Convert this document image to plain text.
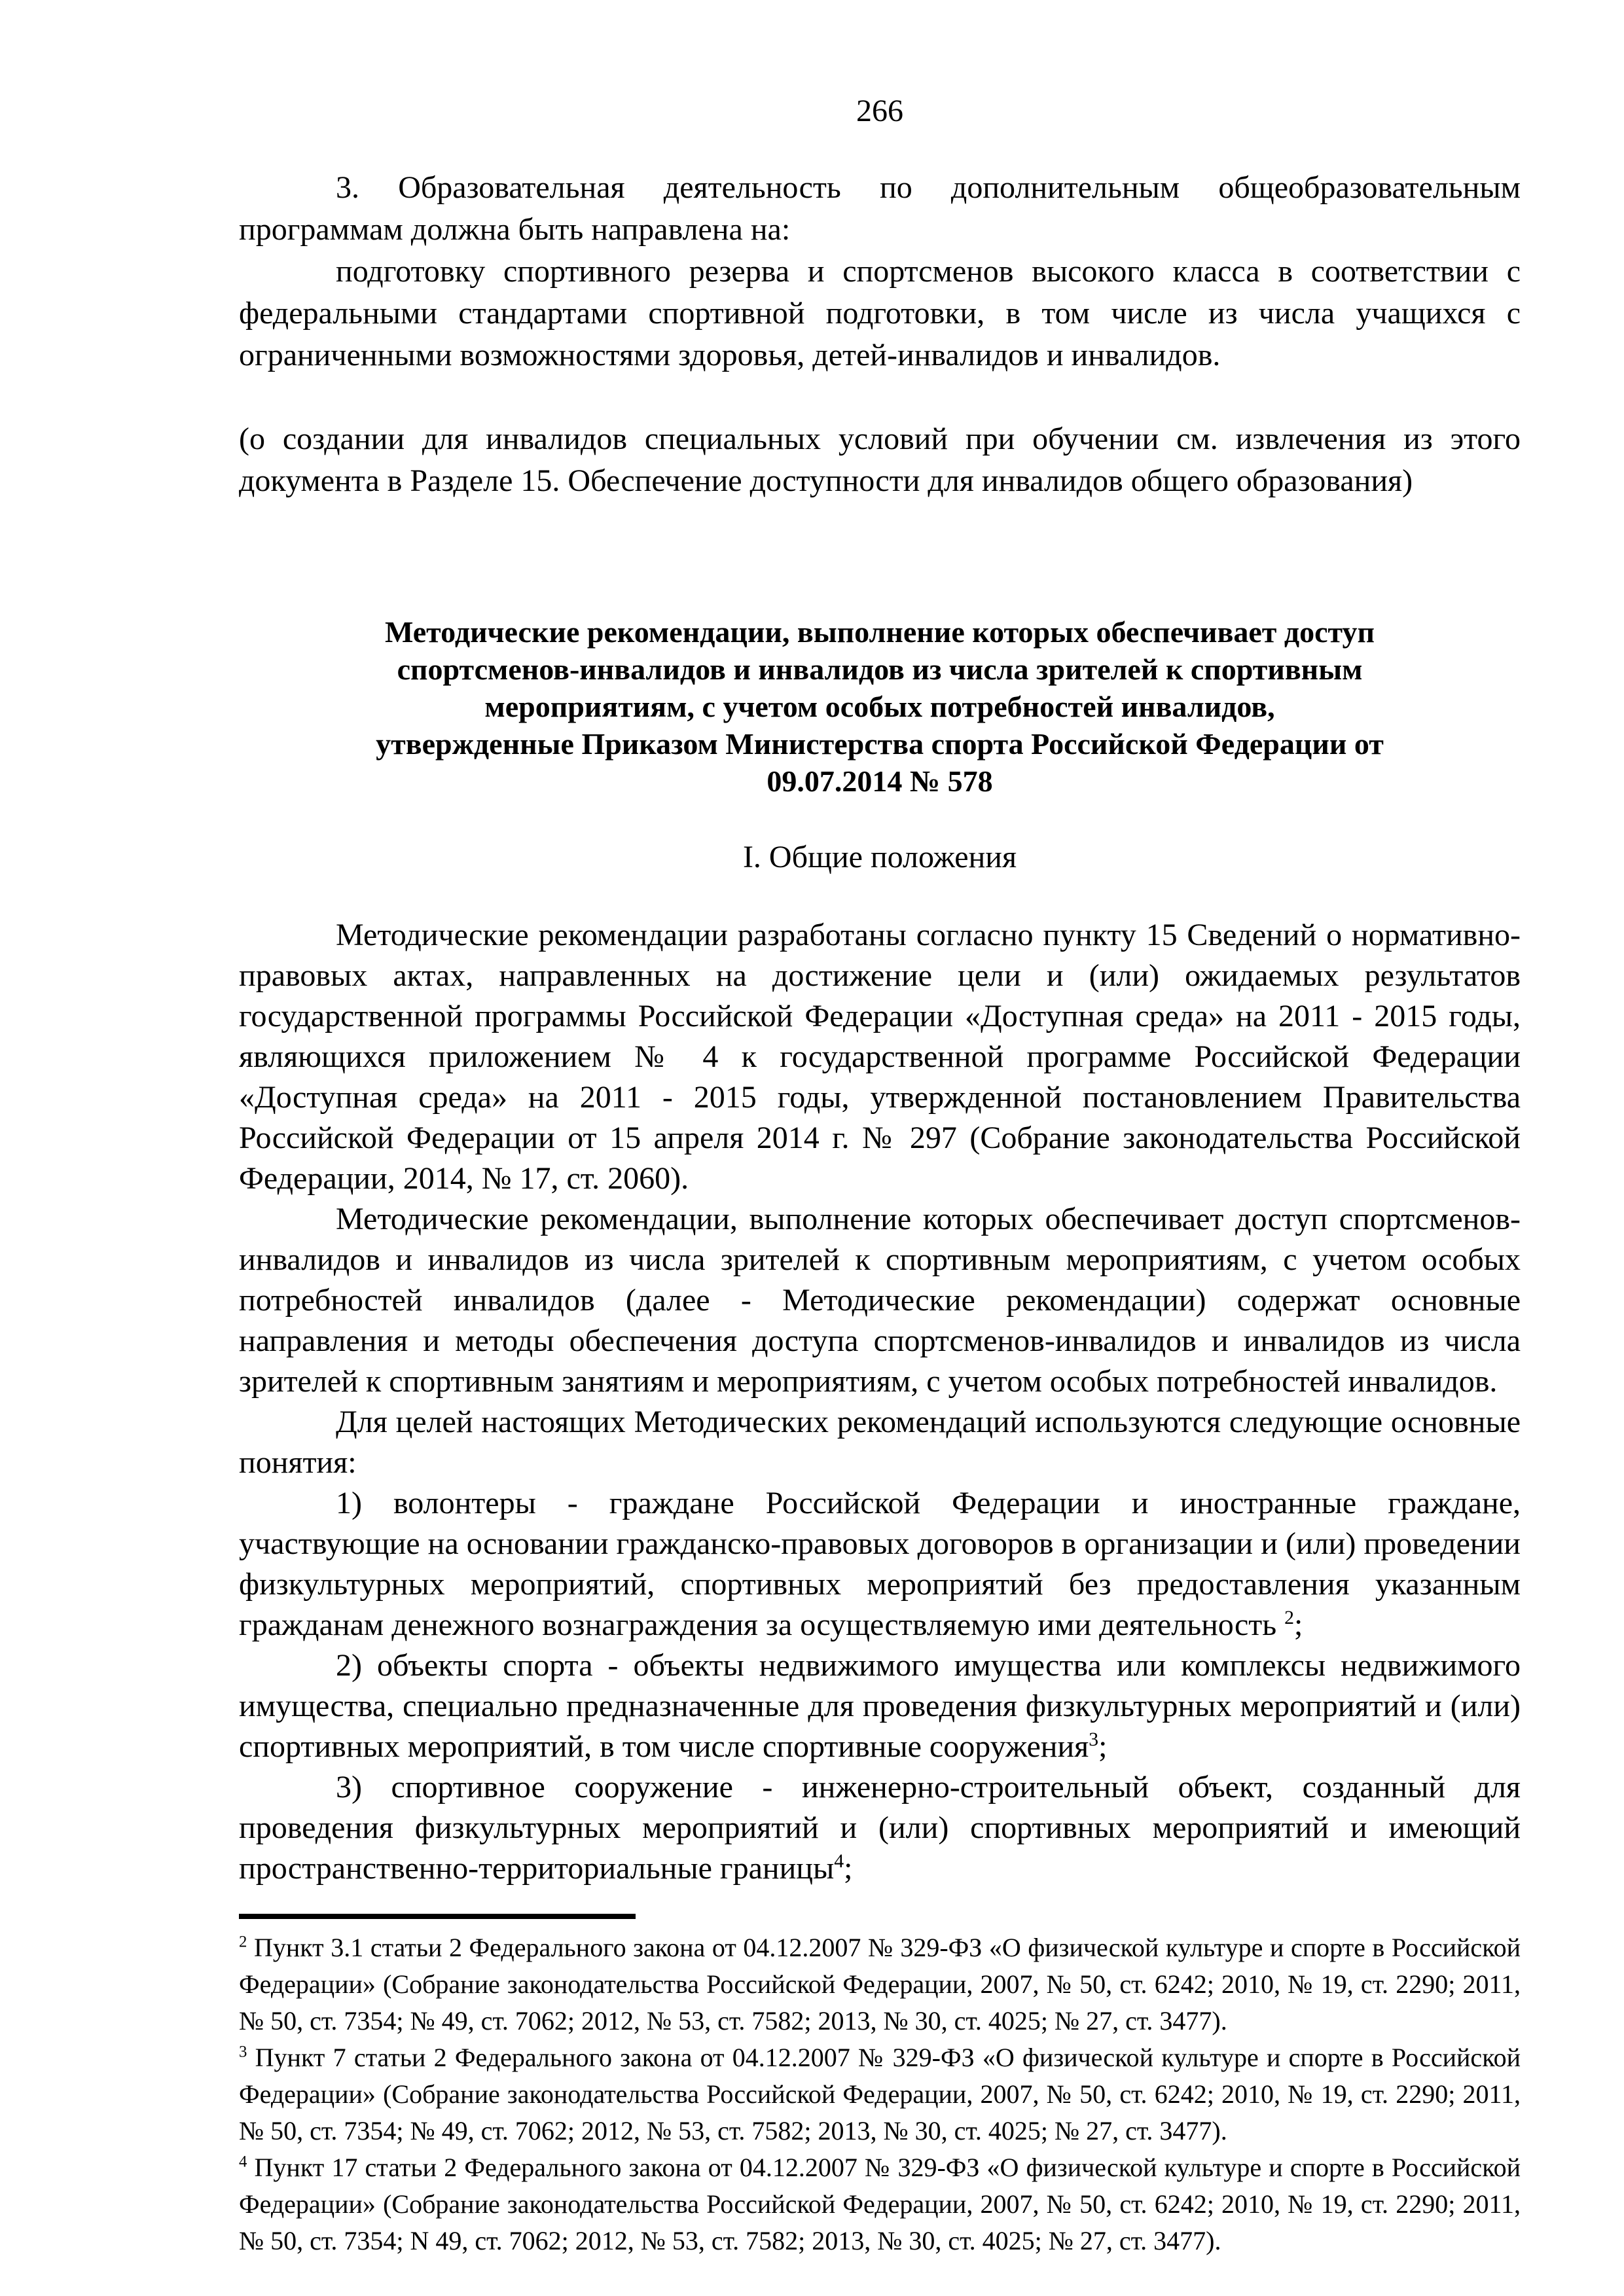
266

3. Образовательная деятельность по дополнительным общеобразовательным программам должна быть направлена на:

подготовку спортивного резерва и спортсменов высокого класса в соответствии с федеральными стандартами спортивной подготовки, в том числе из числа учащихся с ограниченными возможностями здоровья, детей-инвалидов и инвалидов.

(о создании для инвалидов специальных условий при обучении см. извлечения из этого документа в Разделе 15. Обеспечение доступности для инвалидов общего образования)

Методические рекомендации, выполнение которых обеспечивает доступ
спортсменов-инвалидов и инвалидов из числа зрителей к спортивным
мероприятиям, с учетом особых потребностей инвалидов,
утвержденные Приказом Министерства спорта Российской Федерации от
09.07.2014 № 578
I. Общие положения

Методические рекомендации разработаны согласно пункту 15 Сведений о нормативно-правовых актах, направленных на достижение цели и (или) ожидаемых результатов государственной программы Российской Федерации «Доступная среда» на 2011 - 2015 годы, являющихся приложением № 4 к государственной программе Российской Федерации «Доступная среда» на 2011 - 2015 годы, утвержденной постановлением Правительства Российской Федерации от 15 апреля 2014 г. № 297 (Собрание законодательства Российской Федерации, 2014, № 17, ст. 2060).

Методические рекомендации, выполнение которых обеспечивает доступ спортсменов-инвалидов и инвалидов из числа зрителей к спортивным мероприятиям, с учетом особых потребностей инвалидов (далее - Методические рекомендации) содержат основные направления и методы обеспечения доступа спортсменов-инвалидов и инвалидов из числа зрителей к спортивным занятиям и мероприятиям, с учетом особых потребностей инвалидов.

Для целей настоящих Методических рекомендаций используются следующие основные понятия:

1) волонтеры - граждане Российской Федерации и иностранные граждане, участвующие на основании гражданско-правовых договоров в организации и (или) проведении физкультурных мероприятий, спортивных мероприятий без предоставления указанным гражданам денежного вознаграждения за осуществляемую ими деятельность $^2$;

2) объекты спорта - объекты недвижимого имущества или комплексы недвижимого имущества, специально предназначенные для проведения физкультурных мероприятий и (или) спортивных мероприятий, в том числе спортивные сооружения$^3$;

3) спортивное сооружение - инженерно-строительный объект, созданный для проведения физкультурных мероприятий и (или) спортивных мероприятий и имеющий пространственно-территориальные границы$^4$;

$^2$ Пункт 3.1 статьи 2 Федерального закона от 04.12.2007 № 329-ФЗ «О физической культуре и спорте в Российской Федерации» (Собрание законодательства Российской Федерации, 2007, № 50, ст. 6242; 2010, № 19, ст. 2290; 2011, № 50, ст. 7354; № 49, ст. 7062; 2012, № 53, ст. 7582; 2013, № 30, ст. 4025; № 27, ст. 3477).

$^3$ Пункт 7 статьи 2 Федерального закона от 04.12.2007 № 329-ФЗ «О физической культуре и спорте в Российской Федерации» (Собрание законодательства Российской Федерации, 2007, № 50, ст. 6242; 2010, № 19, ст. 2290; 2011, № 50, ст. 7354; № 49, ст. 7062; 2012, № 53, ст. 7582; 2013, № 30, ст. 4025; № 27, ст. 3477).

$^4$ Пункт 17 статьи 2 Федерального закона от 04.12.2007 № 329-ФЗ «О физической культуре и спорте в Российской Федерации» (Собрание законодательства Российской Федерации, 2007, № 50, ст. 6242; 2010, № 19, ст. 2290; 2011, № 50, ст. 7354; N 49, ст. 7062; 2012, № 53, ст. 7582; 2013, № 30, ст. 4025; № 27, ст. 3477).
